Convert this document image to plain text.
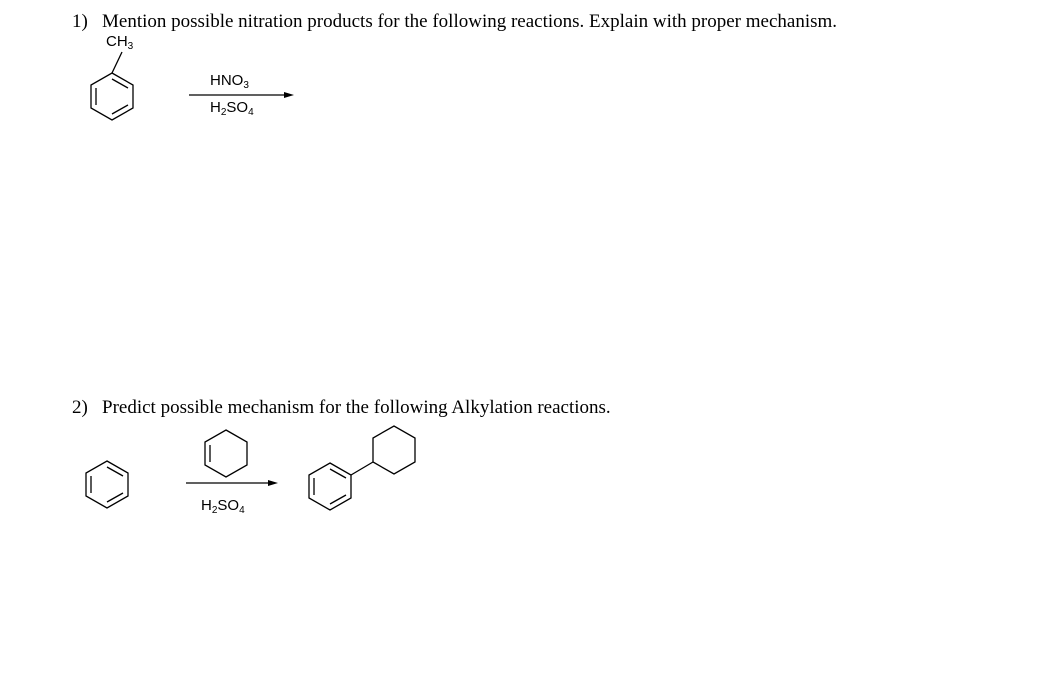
1) Mention possible nitration products for the following reactions. Explain with proper mechanism.
$CH_3$
$HNO_3$
$H_2SO_4$
2) Predict possible mechanism for the following Alkylation reactions.
$H_2SO_4$
